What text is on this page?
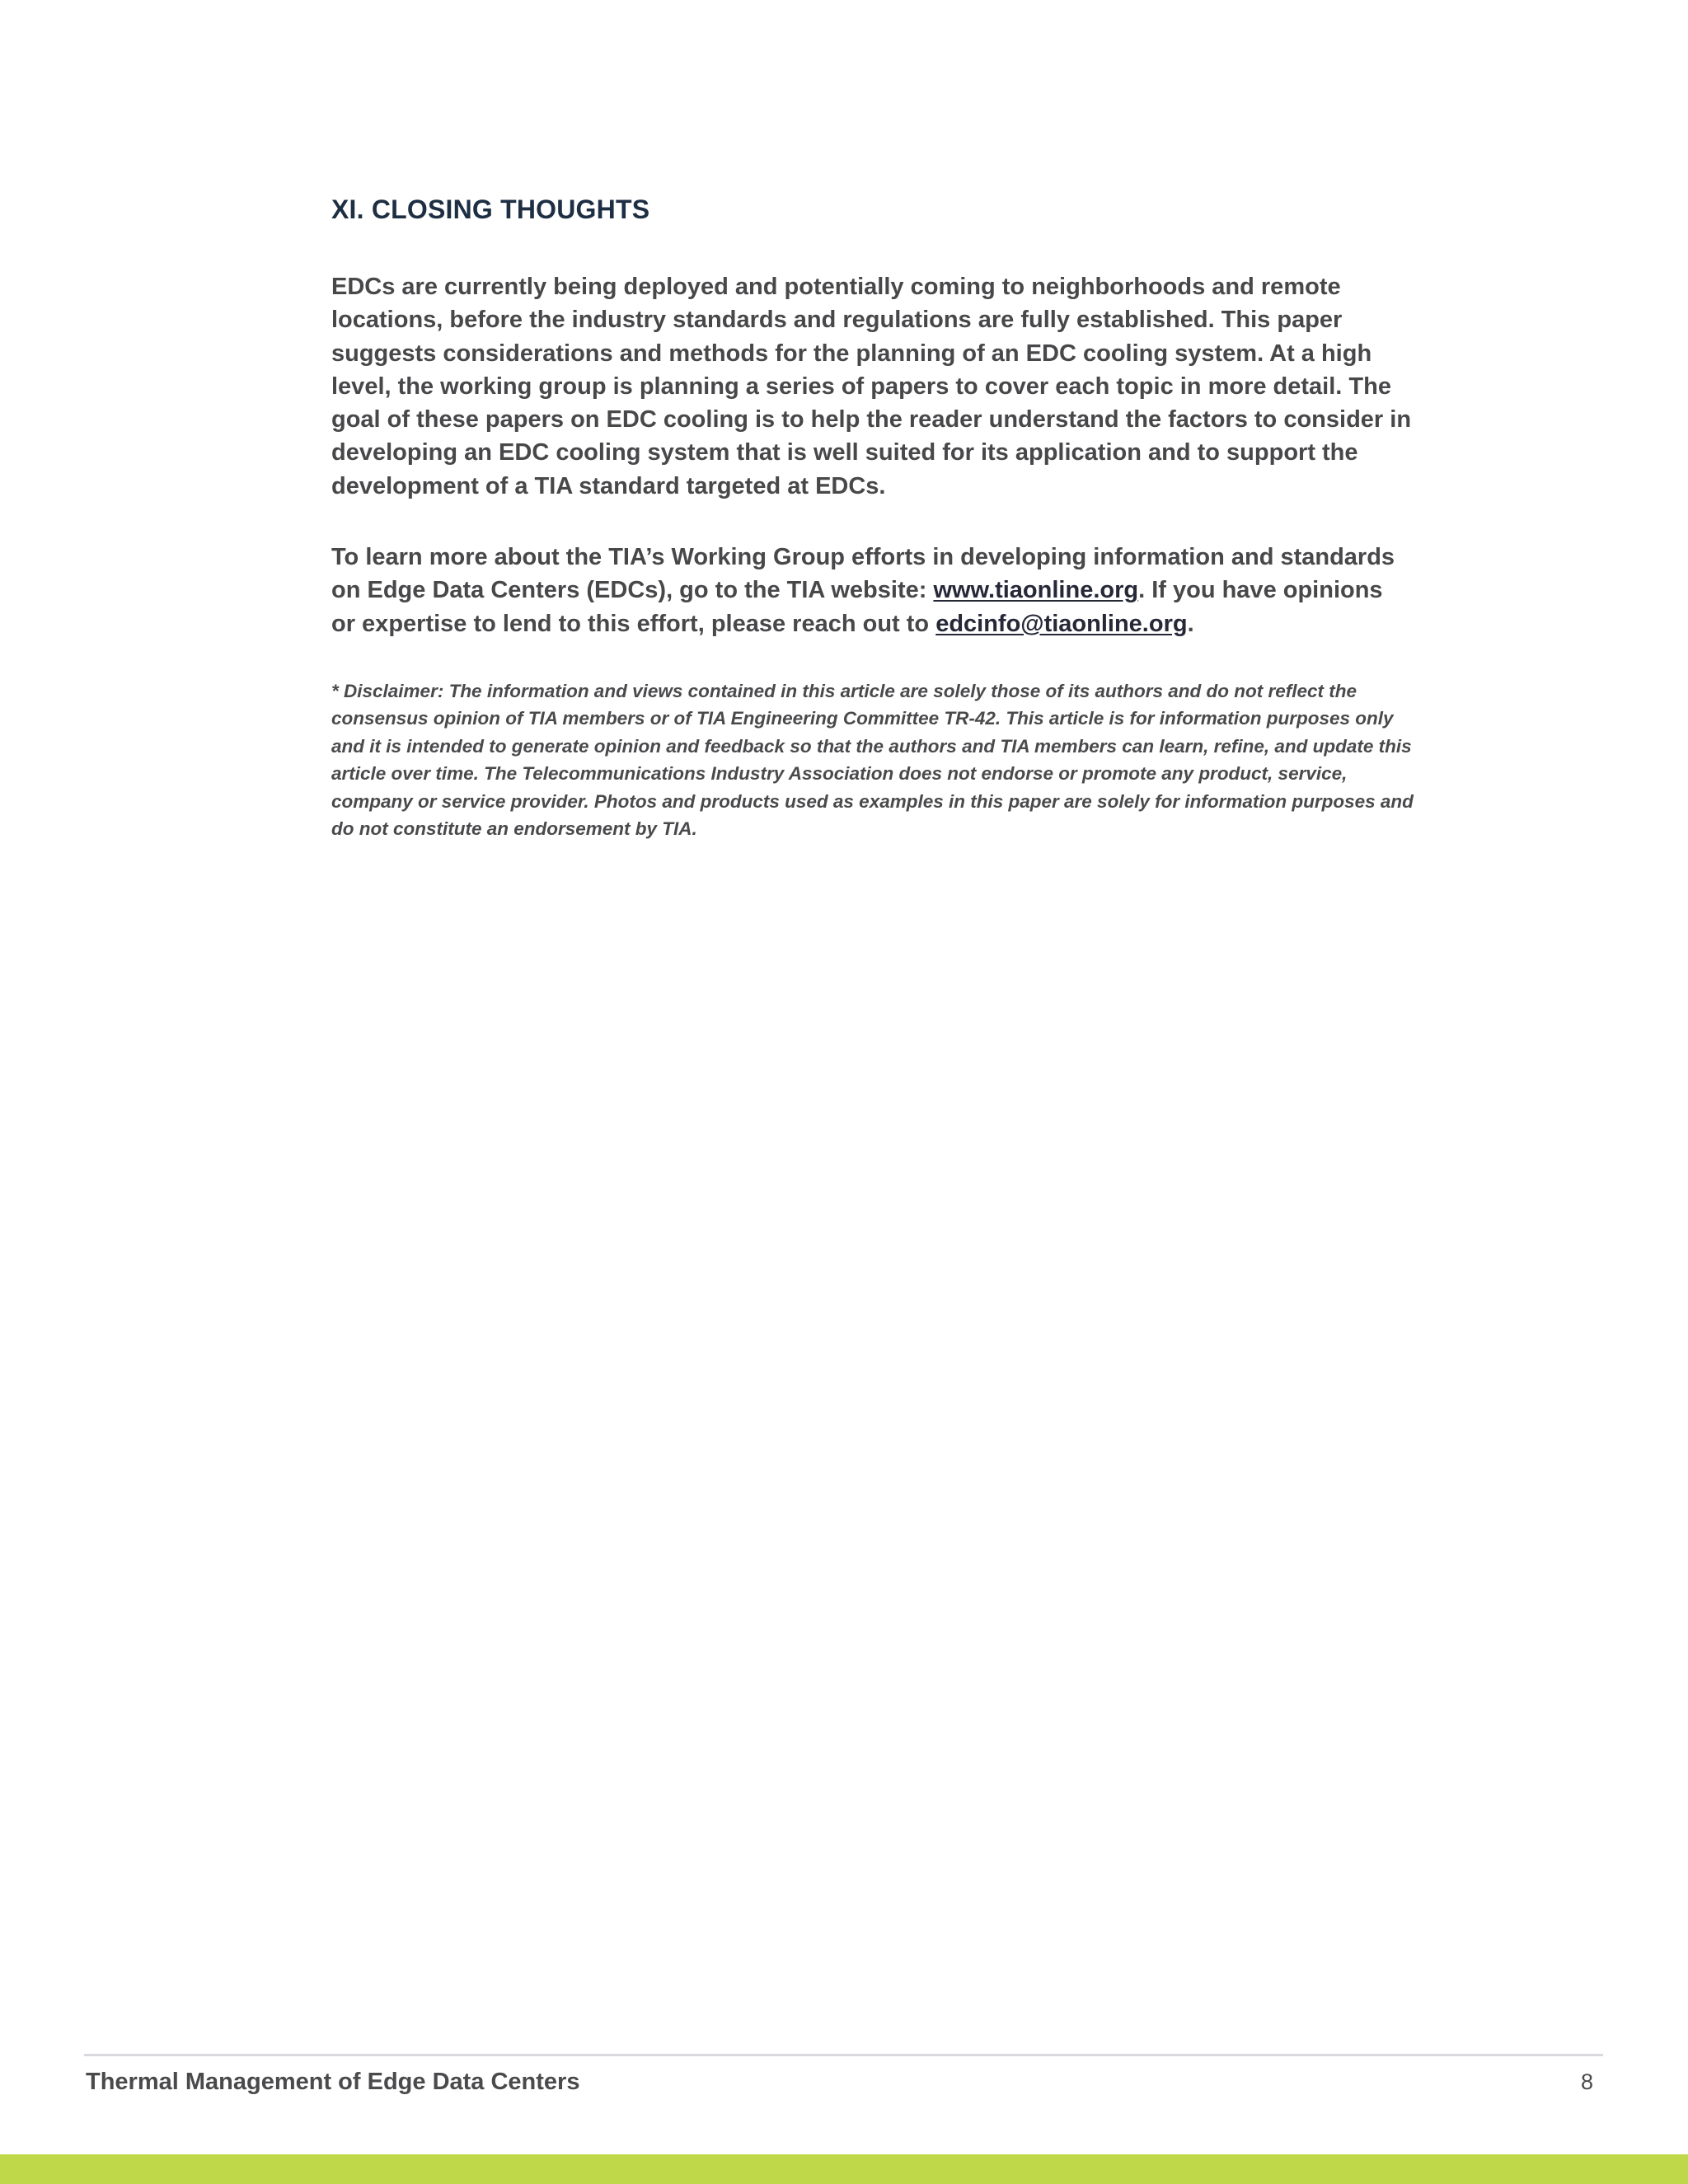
XI. CLOSING THOUGHTS

EDCs are currently being deployed and potentially coming to neighborhoods and remote locations, before the industry standards and regulations are fully established. This paper suggests considerations and methods for the planning of an EDC cooling system. At a high level, the working group is planning a series of papers to cover each topic in more detail. The goal of these papers on EDC cooling is to help the reader understand the factors to consider in developing an EDC cooling system that is well suited for its application and to support the development of a TIA standard targeted at EDCs.

To learn more about the TIA’s Working Group efforts in developing information and standards on Edge Data Centers (EDCs), go to the TIA website: www.tiaonline.org. If you have opinions or expertise to lend to this effort, please reach out to edcinfo@tiaonline.org.

* Disclaimer: The information and views contained in this article are solely those of its authors and do not reflect the consensus opinion of TIA members or of TIA Engineering Committee TR-42. This article is for information purposes only and it is intended to generate opinion and feedback so that the authors and TIA members can learn, refine, and update this article over time. The Telecommunications Industry Association does not endorse or promote any product, service, company or service provider. Photos and products used as examples in this paper are solely for information purposes and do not constitute an endorsement by TIA.

Thermal Management of Edge Data Centers	8
